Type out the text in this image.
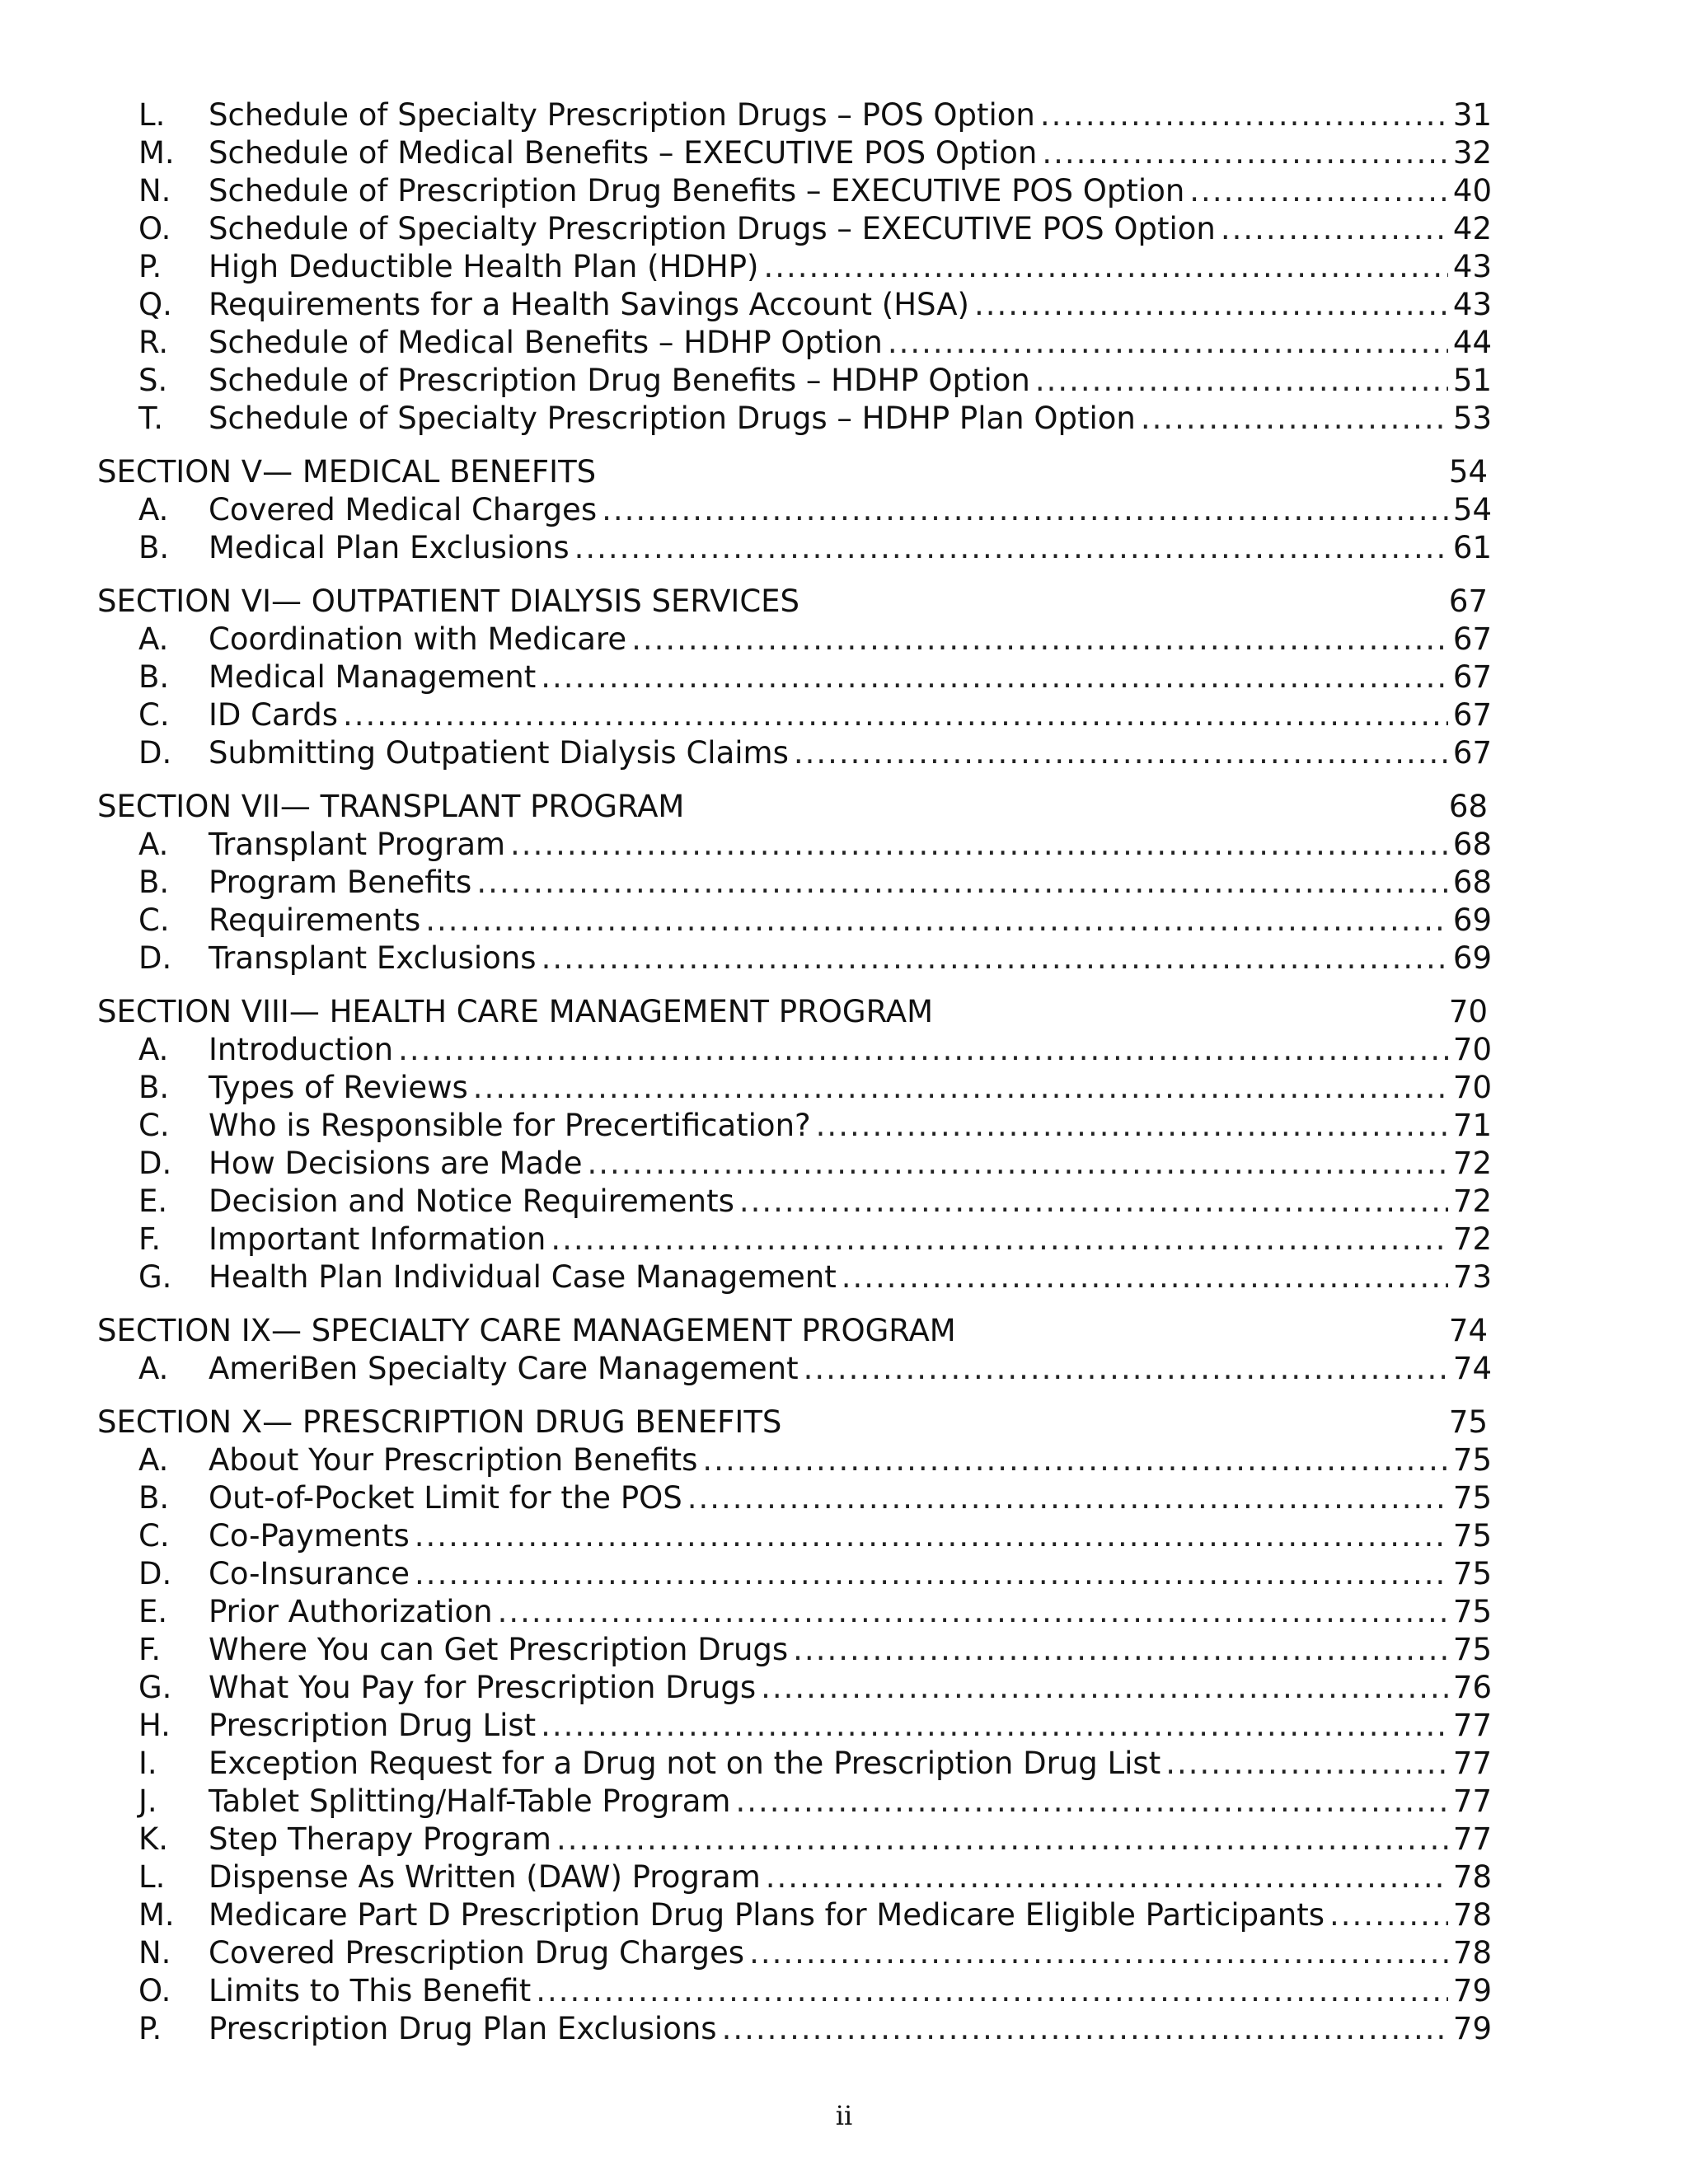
L.	Schedule of Specialty Prescription Drugs – POS Option .....	31
M.	Schedule of Medical Benefits – EXECUTIVE POS Option .....	32
N.	Schedule of Prescription Drug Benefits – EXECUTIVE POS Option .....	40
O.	Schedule of Specialty Prescription Drugs – EXECUTIVE POS Option .....	42
P.	High Deductible Health Plan (HDHP) .....	43
Q.	Requirements for a Health Savings Account (HSA) .....	43
R.	Schedule of Medical Benefits – HDHP Option .....	44
S.	Schedule of Prescription Drug Benefits – HDHP Option .....	51
T.	Schedule of Specialty Prescription Drugs – HDHP Plan Option .....	53
SECTION V— MEDICAL BENEFITS	54
A.	Covered Medical Charges .....	54
B.	Medical Plan Exclusions .....	61
SECTION VI— OUTPATIENT DIALYSIS SERVICES	67
A.	Coordination with Medicare .....	67
B.	Medical Management .....	67
C.	ID Cards .....	67
D.	Submitting Outpatient Dialysis Claims .....	67
SECTION VII— TRANSPLANT PROGRAM	68
A.	Transplant Program .....	68
B.	Program Benefits .....	68
C.	Requirements .....	69
D.	Transplant Exclusions .....	69
SECTION VIII— HEALTH CARE MANAGEMENT PROGRAM	70
A.	Introduction .....	70
B.	Types of Reviews .....	70
C.	Who is Responsible for Precertification? .....	71
D.	How Decisions are Made .....	72
E.	Decision and Notice Requirements .....	72
F.	Important Information .....	72
G.	Health Plan Individual Case Management .....	73
SECTION IX— SPECIALTY CARE MANAGEMENT PROGRAM	74
A.	AmeriBen Specialty Care Management .....	74
SECTION X— PRESCRIPTION DRUG BENEFITS	75
A.	About Your Prescription Benefits .....	75
B.	Out-of-Pocket Limit for the POS .....	75
C.	Co-Payments .....	75
D.	Co-Insurance .....	75
E.	Prior Authorization .....	75
F.	Where You can Get Prescription Drugs .....	75
G.	What You Pay for Prescription Drugs .....	76
H.	Prescription Drug List .....	77
I.	Exception Request for a Drug not on the Prescription Drug List .....	77
J.	Tablet Splitting/Half-Table Program .....	77
K.	Step Therapy Program .....	77
L.	Dispense As Written (DAW) Program .....	78
M.	Medicare Part D Prescription Drug Plans for Medicare Eligible Participants .....	78
N.	Covered Prescription Drug Charges .....	78
O.	Limits to This Benefit .....	79
P.	Prescription Drug Plan Exclusions .....	79
ii
